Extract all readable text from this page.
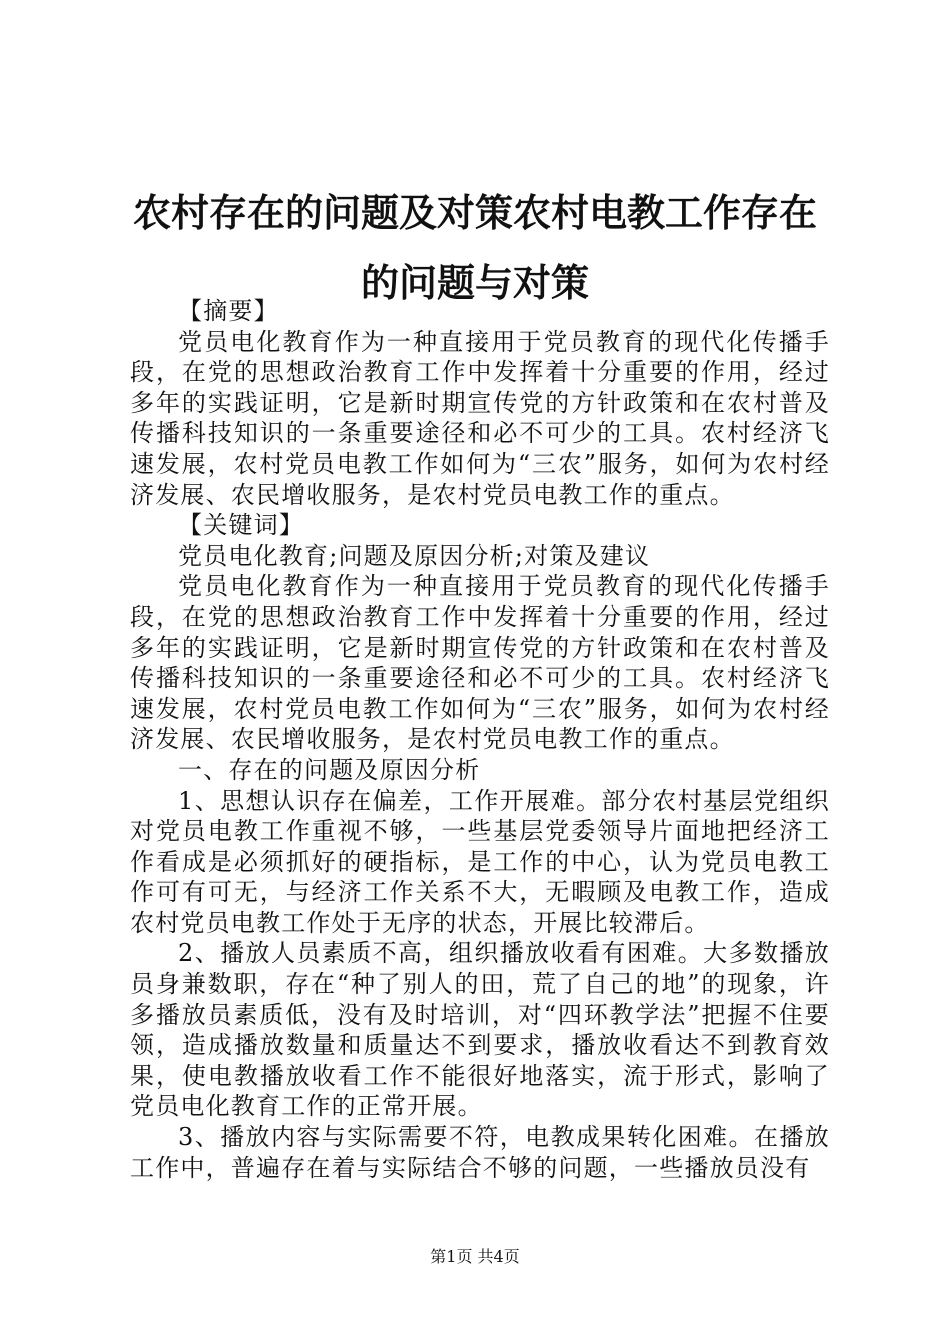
农村存在的问题及对策农村电教工作存在的问题与对策

【摘要】

党员电化教育作为一种直接用于党员教育的现代化传播手段，在党的思想政治教育工作中发挥着十分重要的作用，经过多年的实践证明，它是新时期宣传党的方针政策和在农村普及传播科技知识的一条重要途径和必不可少的工具。农村经济飞速发展，农村党员电教工作如何为“三农”服务，如何为农村经济发展、农民增收服务，是农村党员电教工作的重点。

【关键词】

党员电化教育;问题及原因分析;对策及建议

党员电化教育作为一种直接用于党员教育的现代化传播手段，在党的思想政治教育工作中发挥着十分重要的作用，经过多年的实践证明，它是新时期宣传党的方针政策和在农村普及传播科技知识的一条重要途径和必不可少的工具。农村经济飞速发展，农村党员电教工作如何为“三农”服务，如何为农村经济发展、农民增收服务，是农村党员电教工作的重点。

一、存在的问题及原因分析

1、思想认识存在偏差，工作开展难。部分农村基层党组织对党员电教工作重视不够，一些基层党委领导片面地把经济工作看成是必须抓好的硬指标，是工作的中心，认为党员电教工作可有可无，与经济工作关系不大，无暇顾及电教工作，造成农村党员电教工作处于无序的状态，开展比较滞后。

2、播放人员素质不高，组织播放收看有困难。大多数播放员身兼数职，存在“种了别人的田，荒了自己的地”的现象，许多播放员素质低，没有及时培训，对“四环教学法”把握不住要领，造成播放数量和质量达不到要求，播放收看达不到教育效果，使电教播放收看工作不能很好地落实，流于形式，影响了党员电化教育工作的正常开展。

3、播放内容与实际需要不符，电教成果转化困难。在播放工作中，普遍存在着与实际结合不够的问题，一些播放员没有

第1页 共4页
